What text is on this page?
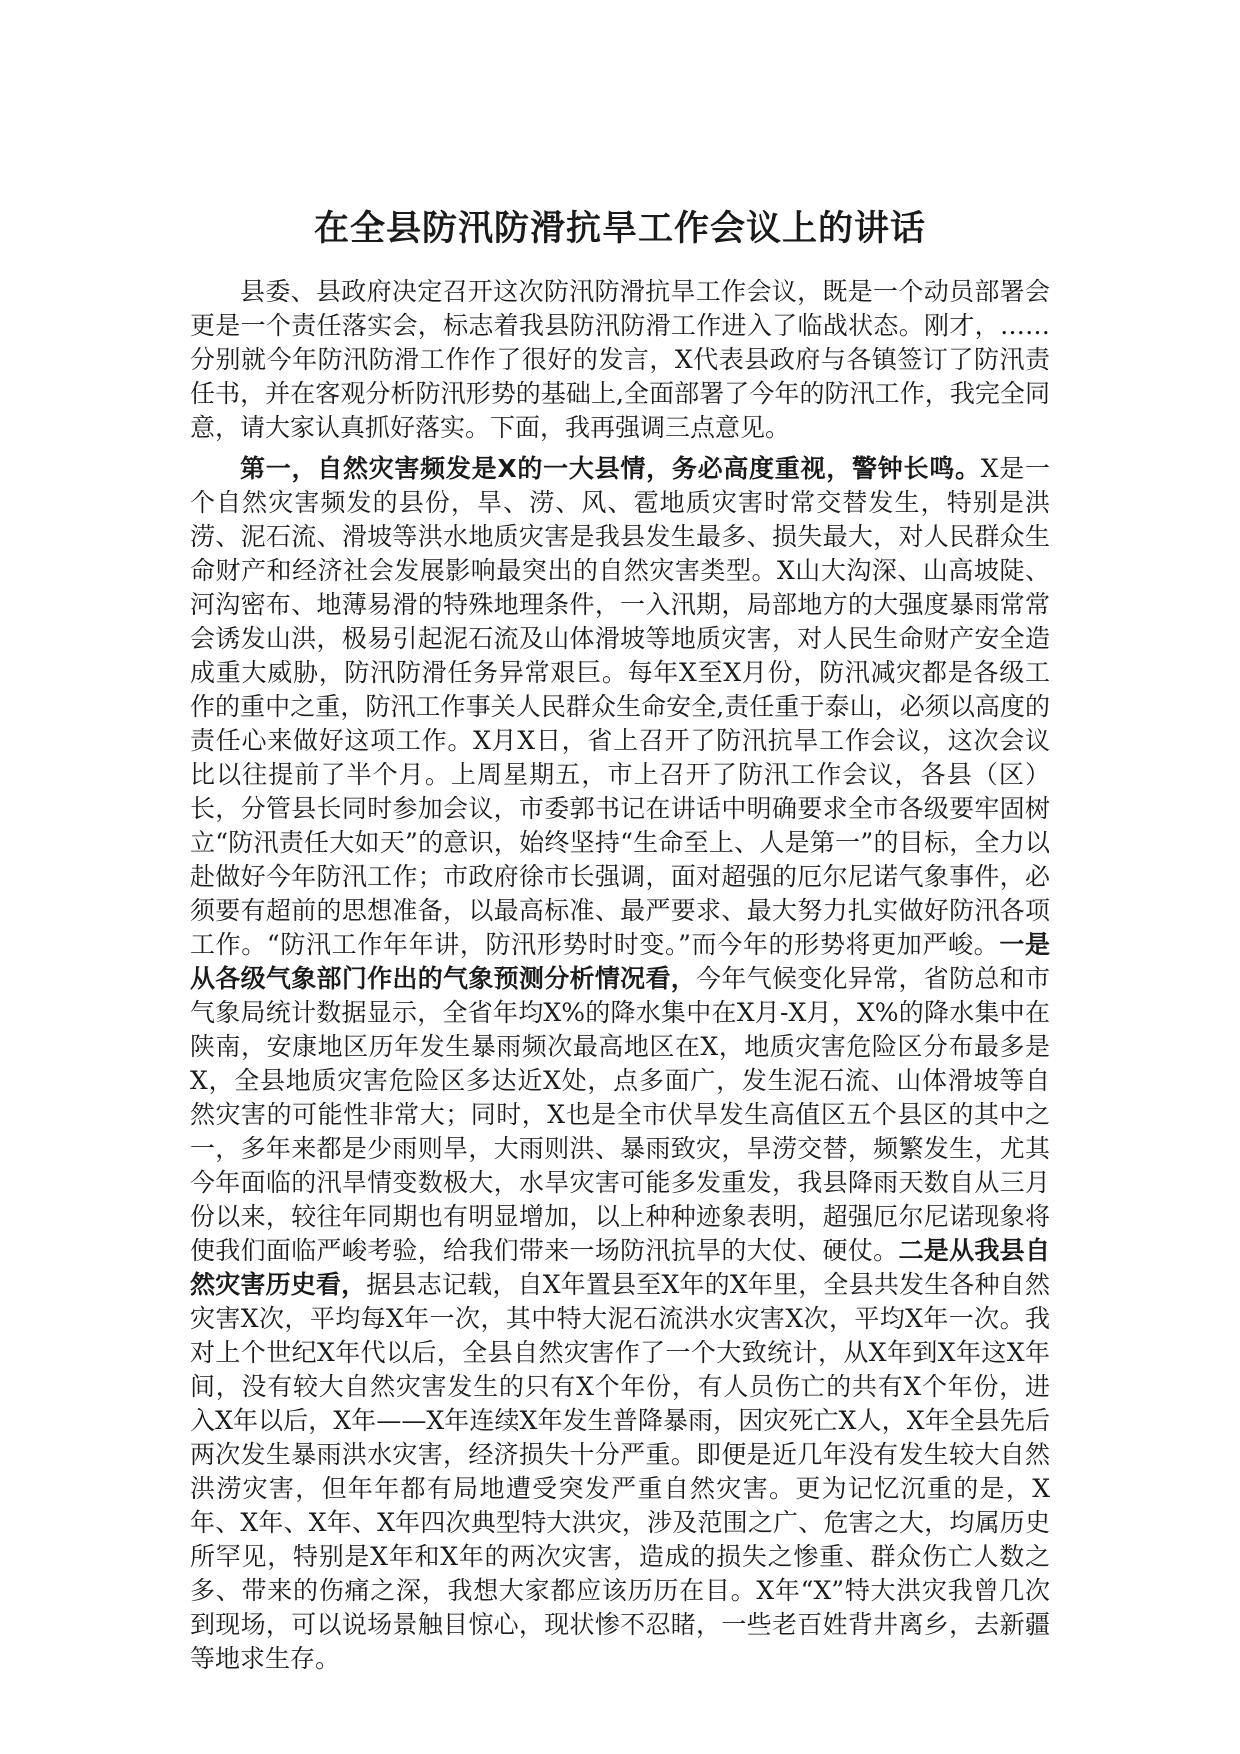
在全县防汛防滑抗旱工作会议上的讲话

县委、县政府决定召开这次防汛防滑抗旱工作会议，既是一个动员部署会更是一个责任落实会，标志着我县防汛防滑工作进入了临战状态。刚才，……分别就今年防汛防滑工作作了很好的发言，X代表县政府与各镇签订了防汛责任书，并在客观分析防汛形势的基础上,全面部署了今年的防汛工作，我完全同意，请大家认真抓好落实。下面，我再强调三点意见。

第一，自然灾害频发是X的一大县情，务必高度重视，警钟长鸣。X是一个自然灾害频发的县份，旱、涝、风、雹地质灾害时常交替发生，特别是洪涝、泥石流、滑坡等洪水地质灾害是我县发生最多、损失最大，对人民群众生命财产和经济社会发展影响最突出的自然灾害类型。X山大沟深、山高坡陡、河沟密布、地薄易滑的特殊地理条件，一入汛期，局部地方的大强度暴雨常常会诱发山洪，极易引起泥石流及山体滑坡等地质灾害，对人民生命财产安全造成重大威胁，防汛防滑任务异常艰巨。每年X至X月份，防汛减灾都是各级工作的重中之重，防汛工作事关人民群众生命安全,责任重于泰山，必须以高度的责任心来做好这项工作。X月X日，省上召开了防汛抗旱工作会议，这次会议比以往提前了半个月。上周星期五，市上召开了防汛工作会议，各县（区）长，分管县长同时参加会议，市委郭书记在讲话中明确要求全市各级要牢固树立“防汛责任大如天”的意识，始终坚持“生命至上、人是第一”的目标，全力以赴做好今年防汛工作；市政府徐市长强调，面对超强的厄尔尼诺气象事件，必须要有超前的思想准备，以最高标准、最严要求、最大努力扎实做好防汛各项工作。“防汛工作年年讲，防汛形势时时变。”而今年的形势将更加严峻。一是从各级气象部门作出的气象预测分析情况看，今年气候变化异常，省防总和市气象局统计数据显示，全省年均X%的降水集中在X月-X月，X%的降水集中在陕南，安康地区历年发生暴雨频次最高地区在X，地质灾害危险区分布最多是X，全县地质灾害危险区多达近X处，点多面广，发生泥石流、山体滑坡等自然灾害的可能性非常大；同时，X也是全市伏旱发生高值区五个县区的其中之一，多年来都是少雨则旱，大雨则洪、暴雨致灾，旱涝交替，频繁发生，尤其今年面临的汛旱情变数极大，水旱灾害可能多发重发，我县降雨天数自从三月份以来，较往年同期也有明显增加，以上种种迹象表明，超强厄尔尼诺现象将使我们面临严峻考验，给我们带来一场防汛抗旱的大仗、硬仗。二是从我县自然灾害历史看，据县志记载，自X年置县至X年的X年里，全县共发生各种自然灾害X次，平均每X年一次，其中特大泥石流洪水灾害X次，平均X年一次。我对上个世纪X年代以后，全县自然灾害作了一个大致统计，从X年到X年这X年间，没有较大自然灾害发生的只有X个年份，有人员伤亡的共有X个年份，进入X年以后，X年——X年连续X年发生普降暴雨，因灾死亡X人，X年全县先后两次发生暴雨洪水灾害，经济损失十分严重。即便是近几年没有发生较大自然洪涝灾害，但年年都有局地遭受突发严重自然灾害。更为记忆沉重的是，X年、X年、X年、X年四次典型特大洪灾，涉及范围之广、危害之大，均属历史所罕见，特别是X年和X年的两次灾害，造成的损失之惨重、群众伤亡人数之多、带来的伤痛之深，我想大家都应该历历在目。X年“X”特大洪灾我曾几次到现场，可以说场景触目惊心，现状惨不忍睹，一些老百姓背井离乡，去新疆等地求生存。
